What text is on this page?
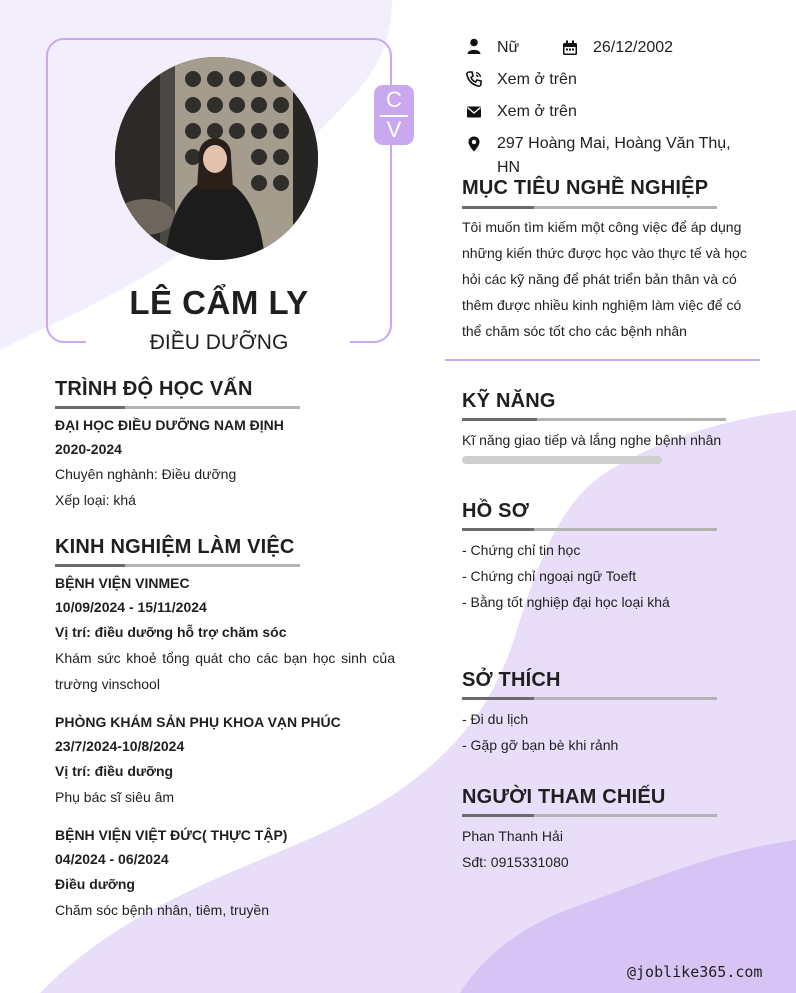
C
V
LÊ CẨM LY
ĐIỀU DƯỠNG
Nữ	26/12/2002
Xem ở trên
Xem ở trên
297 Hoàng Mai, Hoàng Văn Thụ,
HN
MỤC TIÊU NGHỀ NGHIỆP
Tôi muốn tìm kiếm một công việc để áp dụng
những kiến thức được học vào thực tế và học
hỏi các kỹ năng để phát triển bản thân và có
thêm được nhiều kinh nghiệm làm việc để có
thể chăm sóc tốt cho các bệnh nhân
TRÌNH ĐỘ HỌC VẤN
ĐẠI HỌC ĐIỀU DƯỠNG NAM ĐỊNH
2020-2024
Chuyên nghành: Điều dưỡng
Xếp loại: khá
KINH NGHIỆM LÀM VIỆC
BỆNH VIỆN VINMEC
10/09/2024 - 15/11/2024
Vị trí: điều dưỡng hỗ trợ chăm sóc
Khám sức khoẻ tổng quát cho các bạn học sinh của
trường vinschool
PHÒNG KHÁM SẢN PHỤ KHOA VẠN PHÚC
23/7/2024-10/8/2024
Vị trí: điều dưỡng
Phụ bác sĩ siêu âm
BỆNH VIỆN VIỆT ĐỨC( THỰC TẬP)
04/2024 - 06/2024
Điều dưỡng
Chăm sóc bệnh nhân, tiêm, truyền
KỸ NĂNG
Kĩ năng giao tiếp và lắng nghe bệnh nhân
HỒ SƠ
- Chứng chỉ tin học
- Chứng chỉ ngoại ngữ Toeft
- Bằng tốt nghiệp đại học loại khá
SỞ THÍCH
- Đi du lịch
- Gặp gỡ bạn bè khi rảnh
NGƯỜI THAM CHIẾU
Phan Thanh Hải
Sđt: 0915331080
@joblike365.com
